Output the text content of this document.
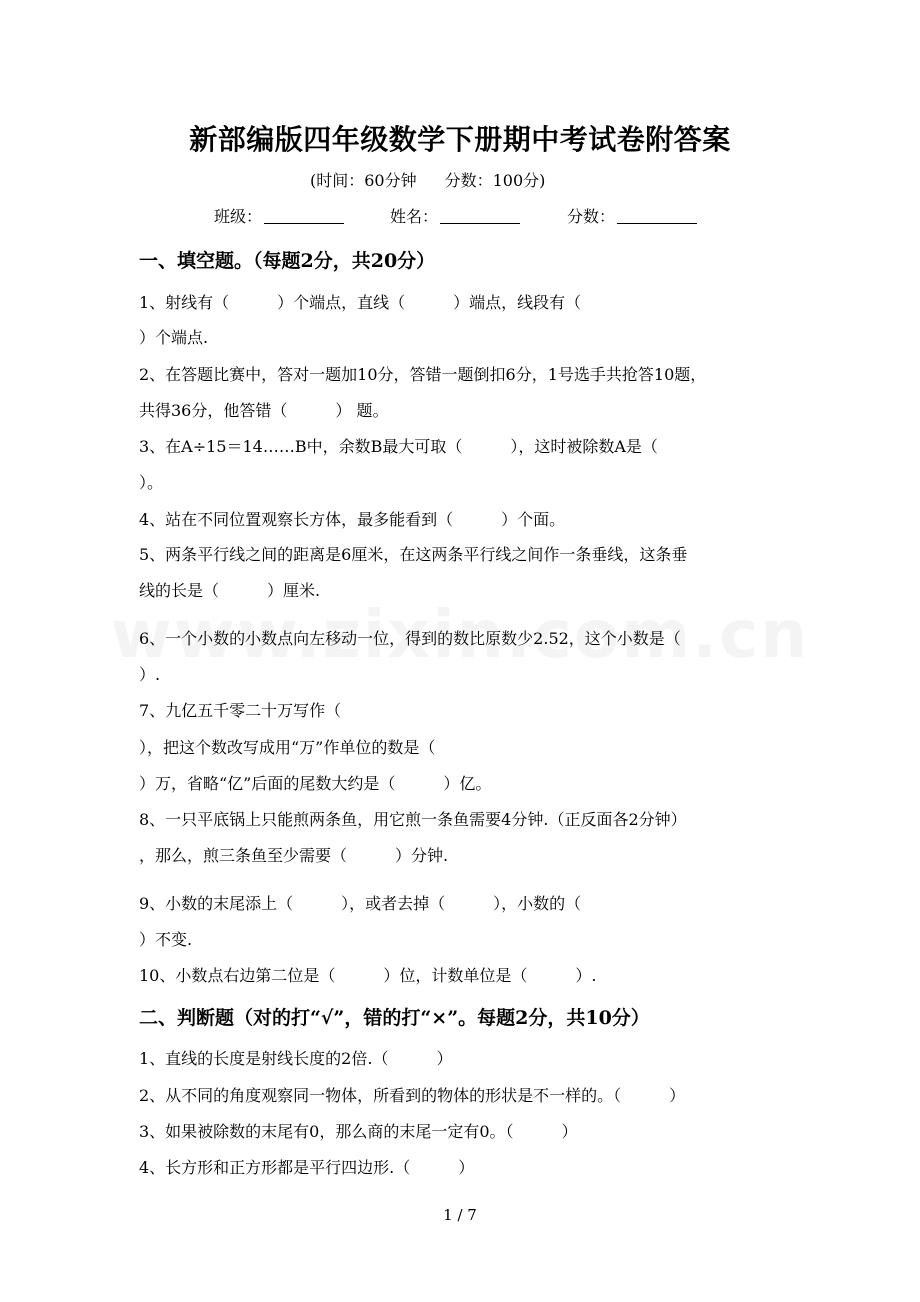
新部编版四年级数学下册期中考试卷附答案
(时间：60分钟 分数：100分)
班级：	姓名：	分数：
一、填空题。（每题2分，共20分）
1、射线有（　　　）个端点，直线（　　　）端点，线段有（
）个端点.
2、在答题比赛中，答对一题加10分，答错一题倒扣6分，1号选手共抢答10题，
共得36分，他答错（　　　） 题。
3、在A÷15＝14……B中，余数B最大可取（　　　），这时被除数A是（
）。
4、站在不同位置观察长方体，最多能看到（　　　）个面。
5、两条平行线之间的距离是6厘米，在这两条平行线之间作一条垂线，这条垂
线的长是（　　　）厘米.
6、一个小数的小数点向左移动一位，得到的数比原数少2.52，这个小数是（
）.
7、九亿五千零二十万写作（
），把这个数改写成用“万”作单位的数是（
）万，省略“亿”后面的尾数大约是（　　　）亿。
8、一只平底锅上只能煎两条鱼，用它煎一条鱼需要4分钟.（正反面各2分钟）
，那么，煎三条鱼至少需要（　　　）分钟.
9、小数的末尾添上（　　　），或者去掉（　　　），小数的（
）不变.
10、小数点右边第二位是（　　　）位，计数单位是（　　　）.
二、判断题（对的打“√”，错的打“×”。每题2分，共10分）
1、直线的长度是射线长度的2倍.（　　　）
2、从不同的角度观察同一物体，所看到的物体的形状是不一样的。（　　　）
3、如果被除数的末尾有0，那么商的末尾一定有0。（　　　）
4、长方形和正方形都是平行四边形.（　　　）
1 / 7
